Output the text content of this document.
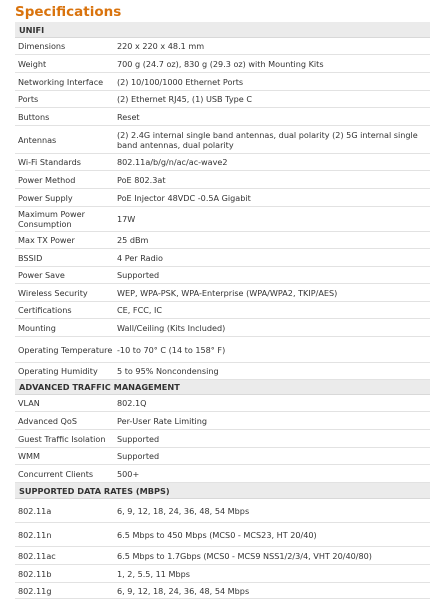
Specifications
UNIFI
Dimensions	220 x 220 x 48.1 mm
Weight	700 g (24.7 oz), 830 g (29.3 oz) with Mounting Kits
Networking Interface	(2) 10/100/1000 Ethernet Ports
Ports	(2) Ethernet RJ45, (1) USB Type C
Buttons	Reset
Antennas	(2) 2.4G internal single band antennas, dual polarity (2) 5G internal single band antennas, dual polarity
Wi-Fi Standards	802.11a/b/g/n/ac/ac-wave2
Power Method	PoE 802.3at
Power Supply	PoE Injector 48VDC -0.5A Gigabit
Maximum Power Consumption	17W
Max TX Power	25 dBm
BSSID	4 Per Radio
Power Save	Supported
Wireless Security	WEP, WPA-PSK, WPA-Enterprise (WPA/WPA2, TKIP/AES)
Certifications	CE, FCC, IC
Mounting	Wall/Ceiling (Kits Included)
Operating Temperature -10 to 70° C (14 to 158° F)
Operating Humidity	5 to 95% Noncondensing
ADVANCED TRAFFIC MANAGEMENT
VLAN	802.1Q
Advanced QoS	Per-User Rate Limiting
Guest Traffic Isolation	Supported
WMM	Supported
Concurrent Clients	500+
SUPPORTED DATA RATES (MBPS)
802.11a	6, 9, 12, 18, 24, 36, 48, 54 Mbps
802.11n	6.5 Mbps to 450 Mbps (MCS0 - MCS23, HT 20/40)
802.11ac	6.5 Mbps to 1.7Gbps (MCS0 - MCS9 NSS1/2/3/4, VHT 20/40/80)
802.11b	1, 2, 5.5, 11 Mbps
802.11g	6, 9, 12, 18, 24, 36, 48, 54 Mbps
